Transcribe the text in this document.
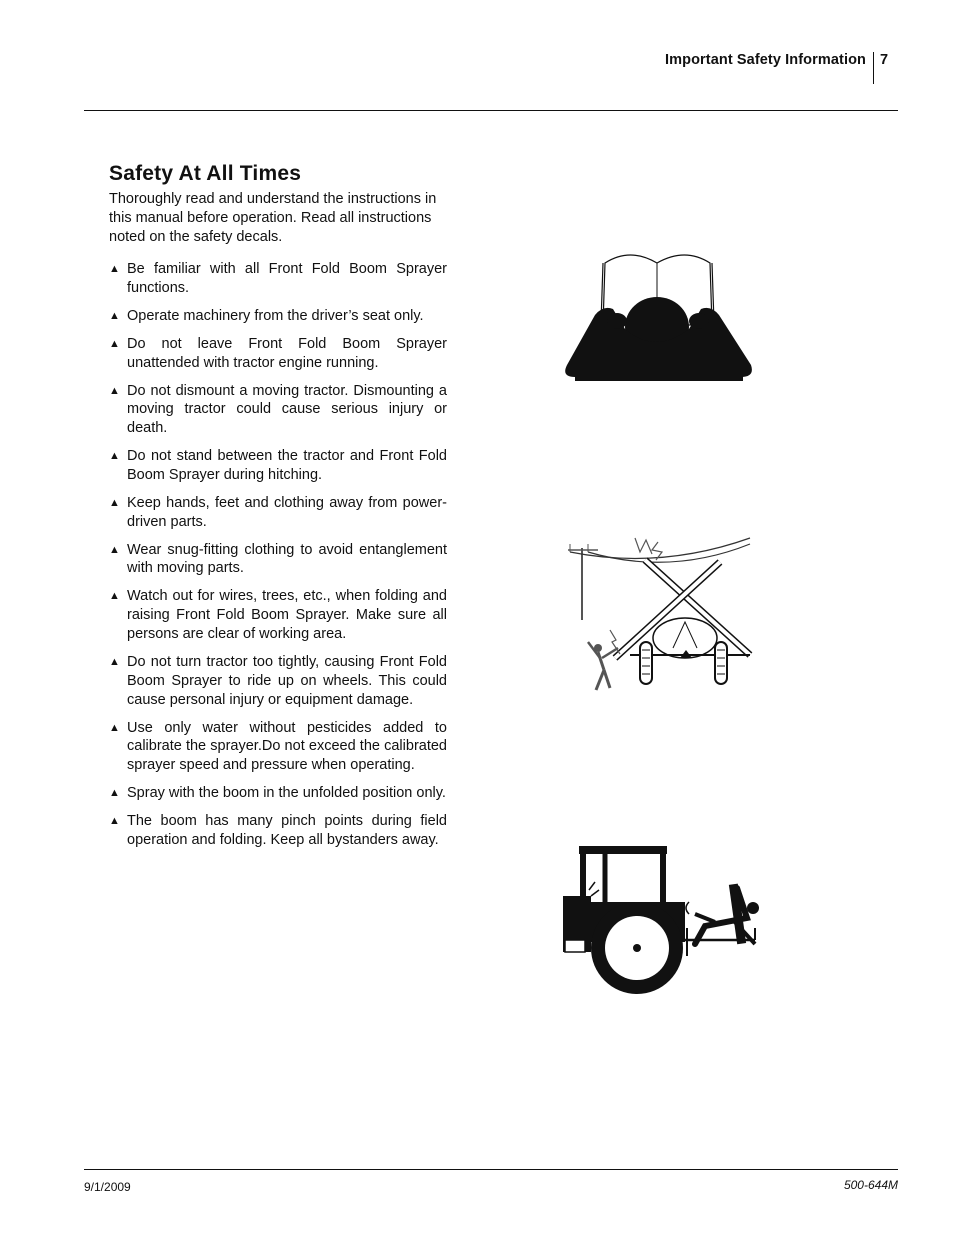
Important Safety Information 7
Safety At All Times
Thoroughly read and understand the instructions in this manual before operation. Read all instructions noted on the safety decals.
▲ Be familiar with all Front Fold Boom Sprayer functions.
▲ Operate machinery from the driver’s seat only.
▲ Do not leave Front Fold Boom Sprayer unattended with tractor engine running.
▲ Do not dismount a moving tractor. Dismounting a moving tractor could cause serious injury or death.
▲ Do not stand between the tractor and Front Fold Boom Sprayer during hitching.
▲ Keep hands, feet and clothing away from power-driven parts.
▲ Wear snug-fitting clothing to avoid entanglement with moving parts.
▲ Watch out for wires, trees, etc., when folding and raising Front Fold Boom Sprayer. Make sure all persons are clear of working area.
▲ Do not turn tractor too tightly, causing Front Fold Boom Sprayer to ride up on wheels. This could cause personal injury or equipment damage.
▲ Use only water without pesticides added to calibrate the sprayer.Do not exceed the calibrated sprayer speed and pressure when operating.
▲ Spray with the boom in the unfolded position only.
▲ The boom has many pinch points during field operation and folding. Keep all bystanders away.
9/1/2009	500-644M
